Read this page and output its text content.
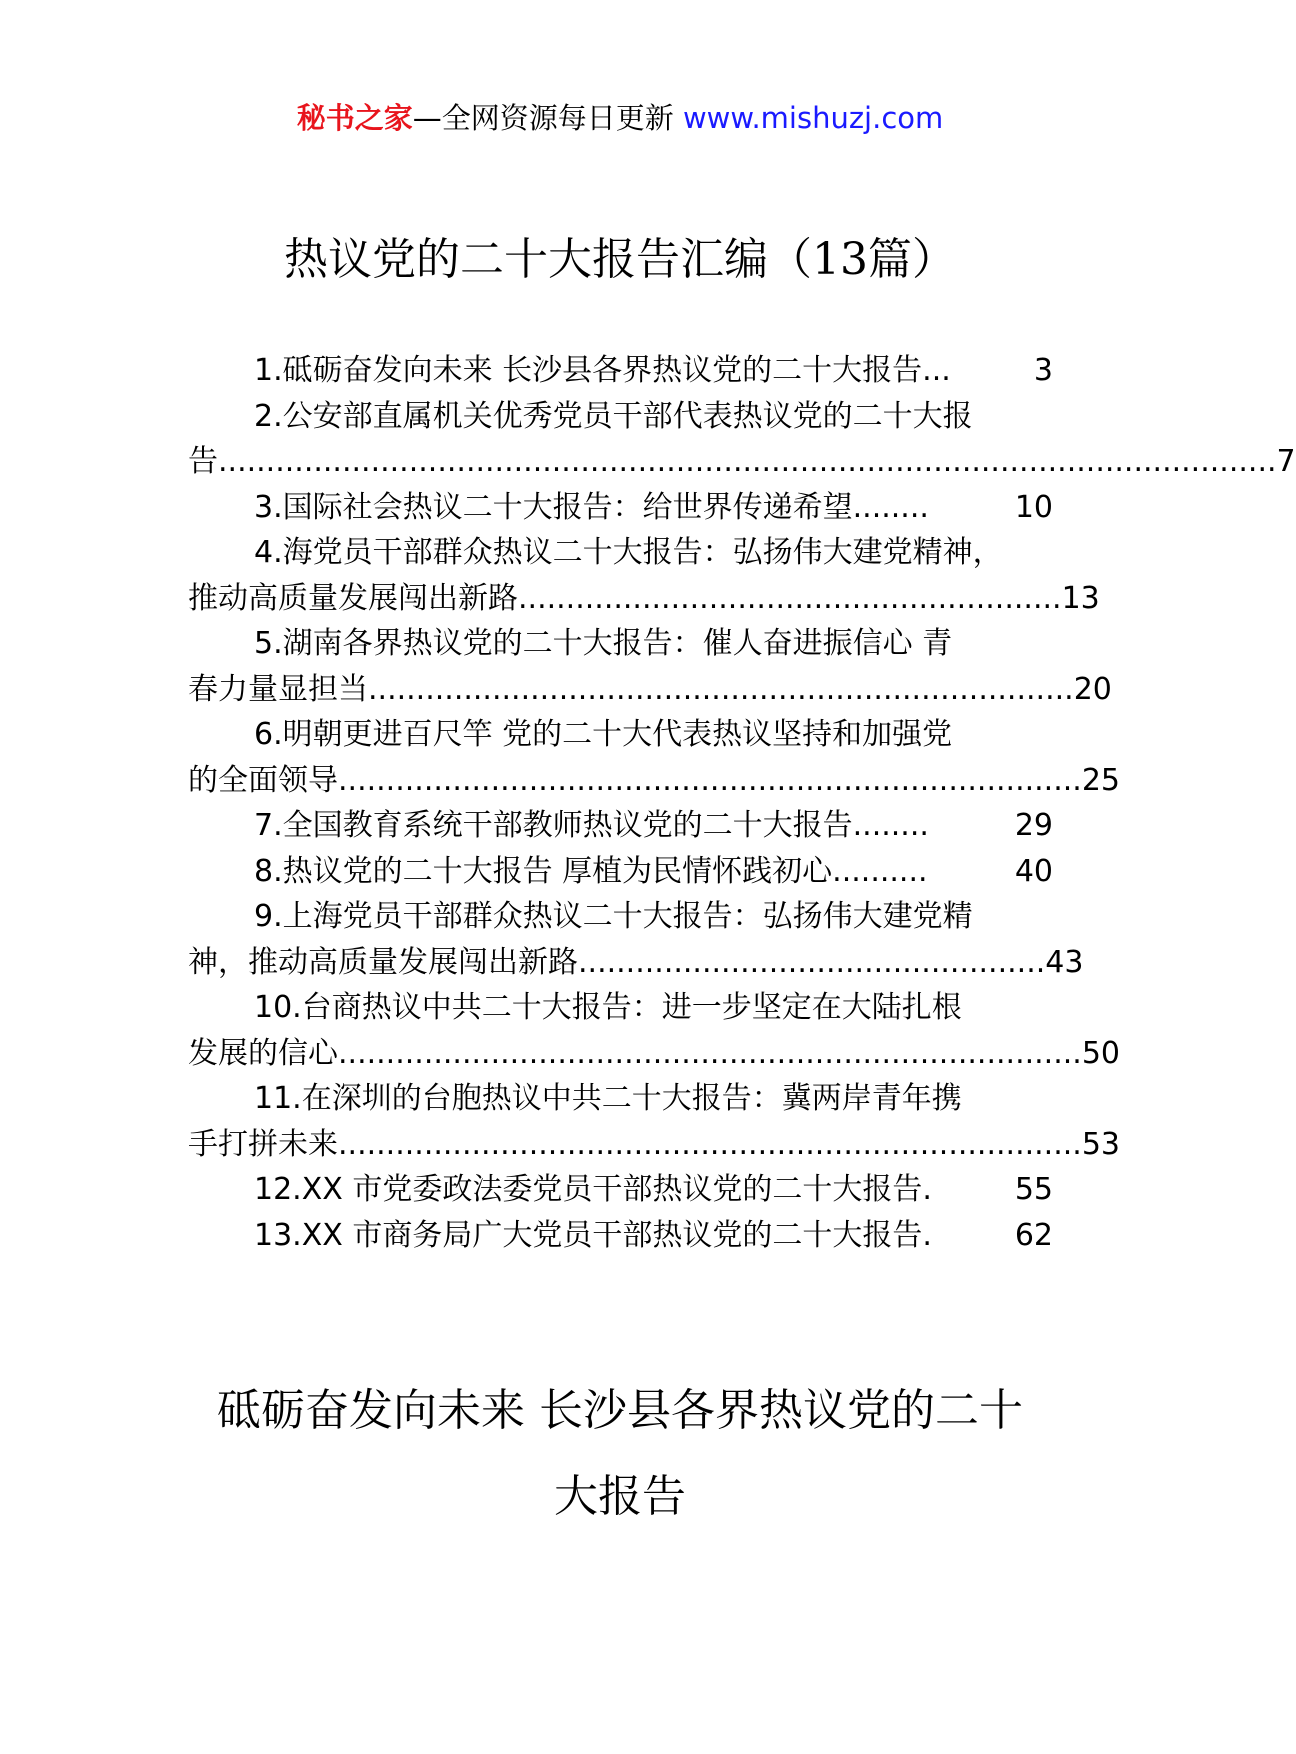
秘书之家—全网资源每日更新 www.mishuzj.com
热议党的二十大报告汇编（13篇）
1.砥砺奋发向未来 长沙县各界热议党的二十大报告 ...	3
2.公安部直属机关优秀党员干部代表热议党的二十大报
告 ............................................................................................................... 7
3.国际社会热议二十大报告：给世界传递希望 ........	10
4.海党员干部群众热议二十大报告：弘扬伟大建党精神，
推动高质量发展闯出新路 ......................................................... 13
5.湖南各界热议党的二十大报告：催人奋进振信心 青
春力量显担当 .......................................................................... 20
6.明朝更进百尺竿 党的二十大代表热议坚持和加强党
的全面领导 .............................................................................. 25
7.全国教育系统干部教师热议党的二十大报告 ........	29
8.热议党的二十大报告 厚植为民情怀践初心 ..........	40
9.上海党员干部群众热议二十大报告：弘扬伟大建党精
神，推动高质量发展闯出新路 ................................................. 43
10.台商热议中共二十大报告：进一步坚定在大陆扎根
发展的信心 .............................................................................. 50
11.在深圳的台胞热议中共二十大报告：冀两岸青年携
手打拼未来 .............................................................................. 53
12.XX 市党委政法委党员干部热议党的二十大报告 .	55
13.XX 市商务局广大党员干部热议党的二十大报告 .	62
砥砺奋发向未来 长沙县各界热议党的二十
大报告
